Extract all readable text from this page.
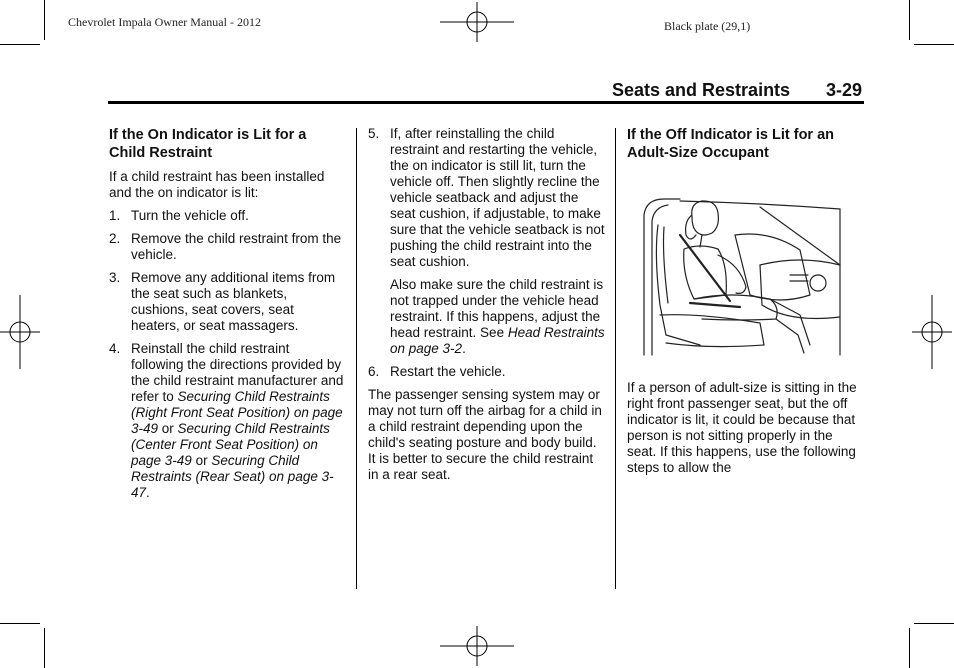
Chevrolet Impala Owner Manual - 2012	Black plate (29,1)
Seats and Restraints 3-29
If the On Indicator is Lit for a Child Restraint

If a child restraint has been installed and the on indicator is lit:

1. Turn the vehicle off.
2. Remove the child restraint from the vehicle.
3. Remove any additional items from the seat such as blankets, cushions, seat covers, seat heaters, or seat massagers.
4. Reinstall the child restraint following the directions provided by the child restraint manufacturer and refer to Securing Child Restraints (Right Front Seat Position) on page 3-49 or Securing Child Restraints (Center Front Seat Position) on page 3-49 or Securing Child Restraints (Rear Seat) on page 3-47.
5. If, after reinstalling the child restraint and restarting the vehicle, the on indicator is still lit, turn the vehicle off. Then slightly recline the vehicle seatback and adjust the seat cushion, if adjustable, to make sure that the vehicle seatback is not pushing the child restraint into the seat cushion.
Also make sure the child restraint is not trapped under the vehicle head restraint. If this happens, adjust the head restraint. See Head Restraints on page 3-2.
6. Restart the vehicle.

The passenger sensing system may or may not turn off the airbag for a child in a child restraint depending upon the child's seating posture and body build. It is better to secure the child restraint in a rear seat.

If the Off Indicator is Lit for an Adult-Size Occupant

If a person of adult-size is sitting in the right front passenger seat, but the off indicator is lit, it could be because that person is not sitting properly in the seat. If this happens, use the following steps to allow the
